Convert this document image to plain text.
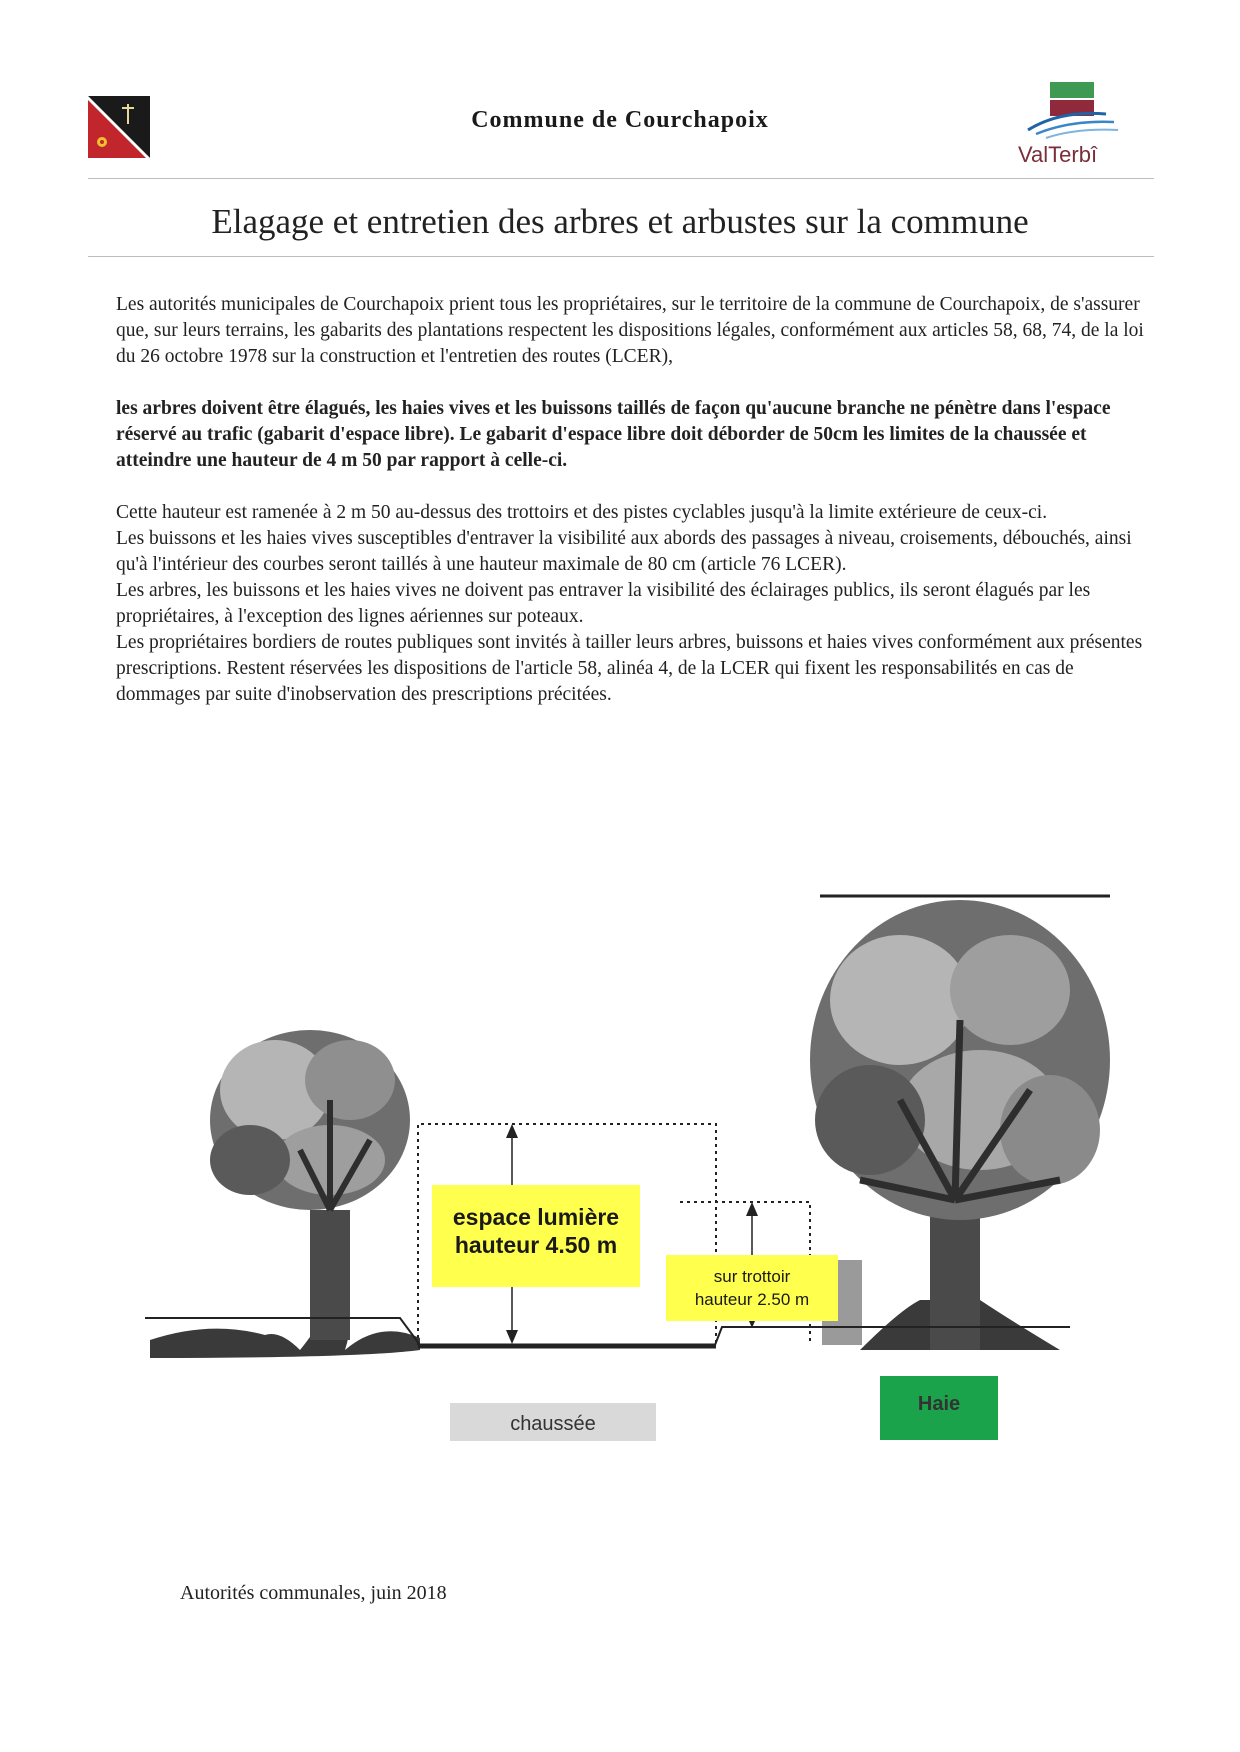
Commune de Courchapoix
ValTerbî
Elagage et entretien des arbres et arbustes sur la commune

Les autorités municipales de Courchapoix prient tous les propriétaires, sur le territoire de la commune de Courchapoix, de s'assurer que, sur leurs terrains, les gabarits des plantations respectent les dispositions légales, conformément aux articles 58, 68, 74, de la loi du 26 octobre 1978 sur la construction et l'entretien des routes (LCER),

les arbres doivent être élagués, les haies vives et les buissons taillés de façon qu'aucune branche ne pénètre dans l'espace réservé au trafic (gabarit d'espace libre). Le gabarit d'espace libre doit déborder de 50cm les limites de la chaussée et atteindre une hauteur de 4 m 50 par rapport à celle-ci.

Cette hauteur est ramenée à 2 m 50 au-dessus des trottoirs et des pistes cyclables jusqu'à la limite extérieure de ceux-ci.

Les buissons et les haies vives susceptibles d'entraver la visibilité aux abords des passages à niveau, croisements, débouchés, ainsi qu'à l'intérieur des courbes seront taillés à une hauteur maximale de 80 cm (article 76 LCER).

Les arbres, les buissons et les haies vives ne doivent pas entraver la visibilité des éclairages publics, ils seront élagués par les propriétaires, à l'exception des lignes aériennes sur poteaux.

Les propriétaires bordiers de routes publiques sont invités à tailler leurs arbres, buissons et haies vives conformément aux présentes prescriptions. Restent réservées les dispositions de l'article 58, alinéa 4, de la LCER qui fixent les responsabilités en cas de dommages par suite d'inobservation des prescriptions précitées.

espace lumière
hauteur 4.50 m
sur trottoir
hauteur 2.50 m
chaussée
Haie
Autorités communales, juin 2018
